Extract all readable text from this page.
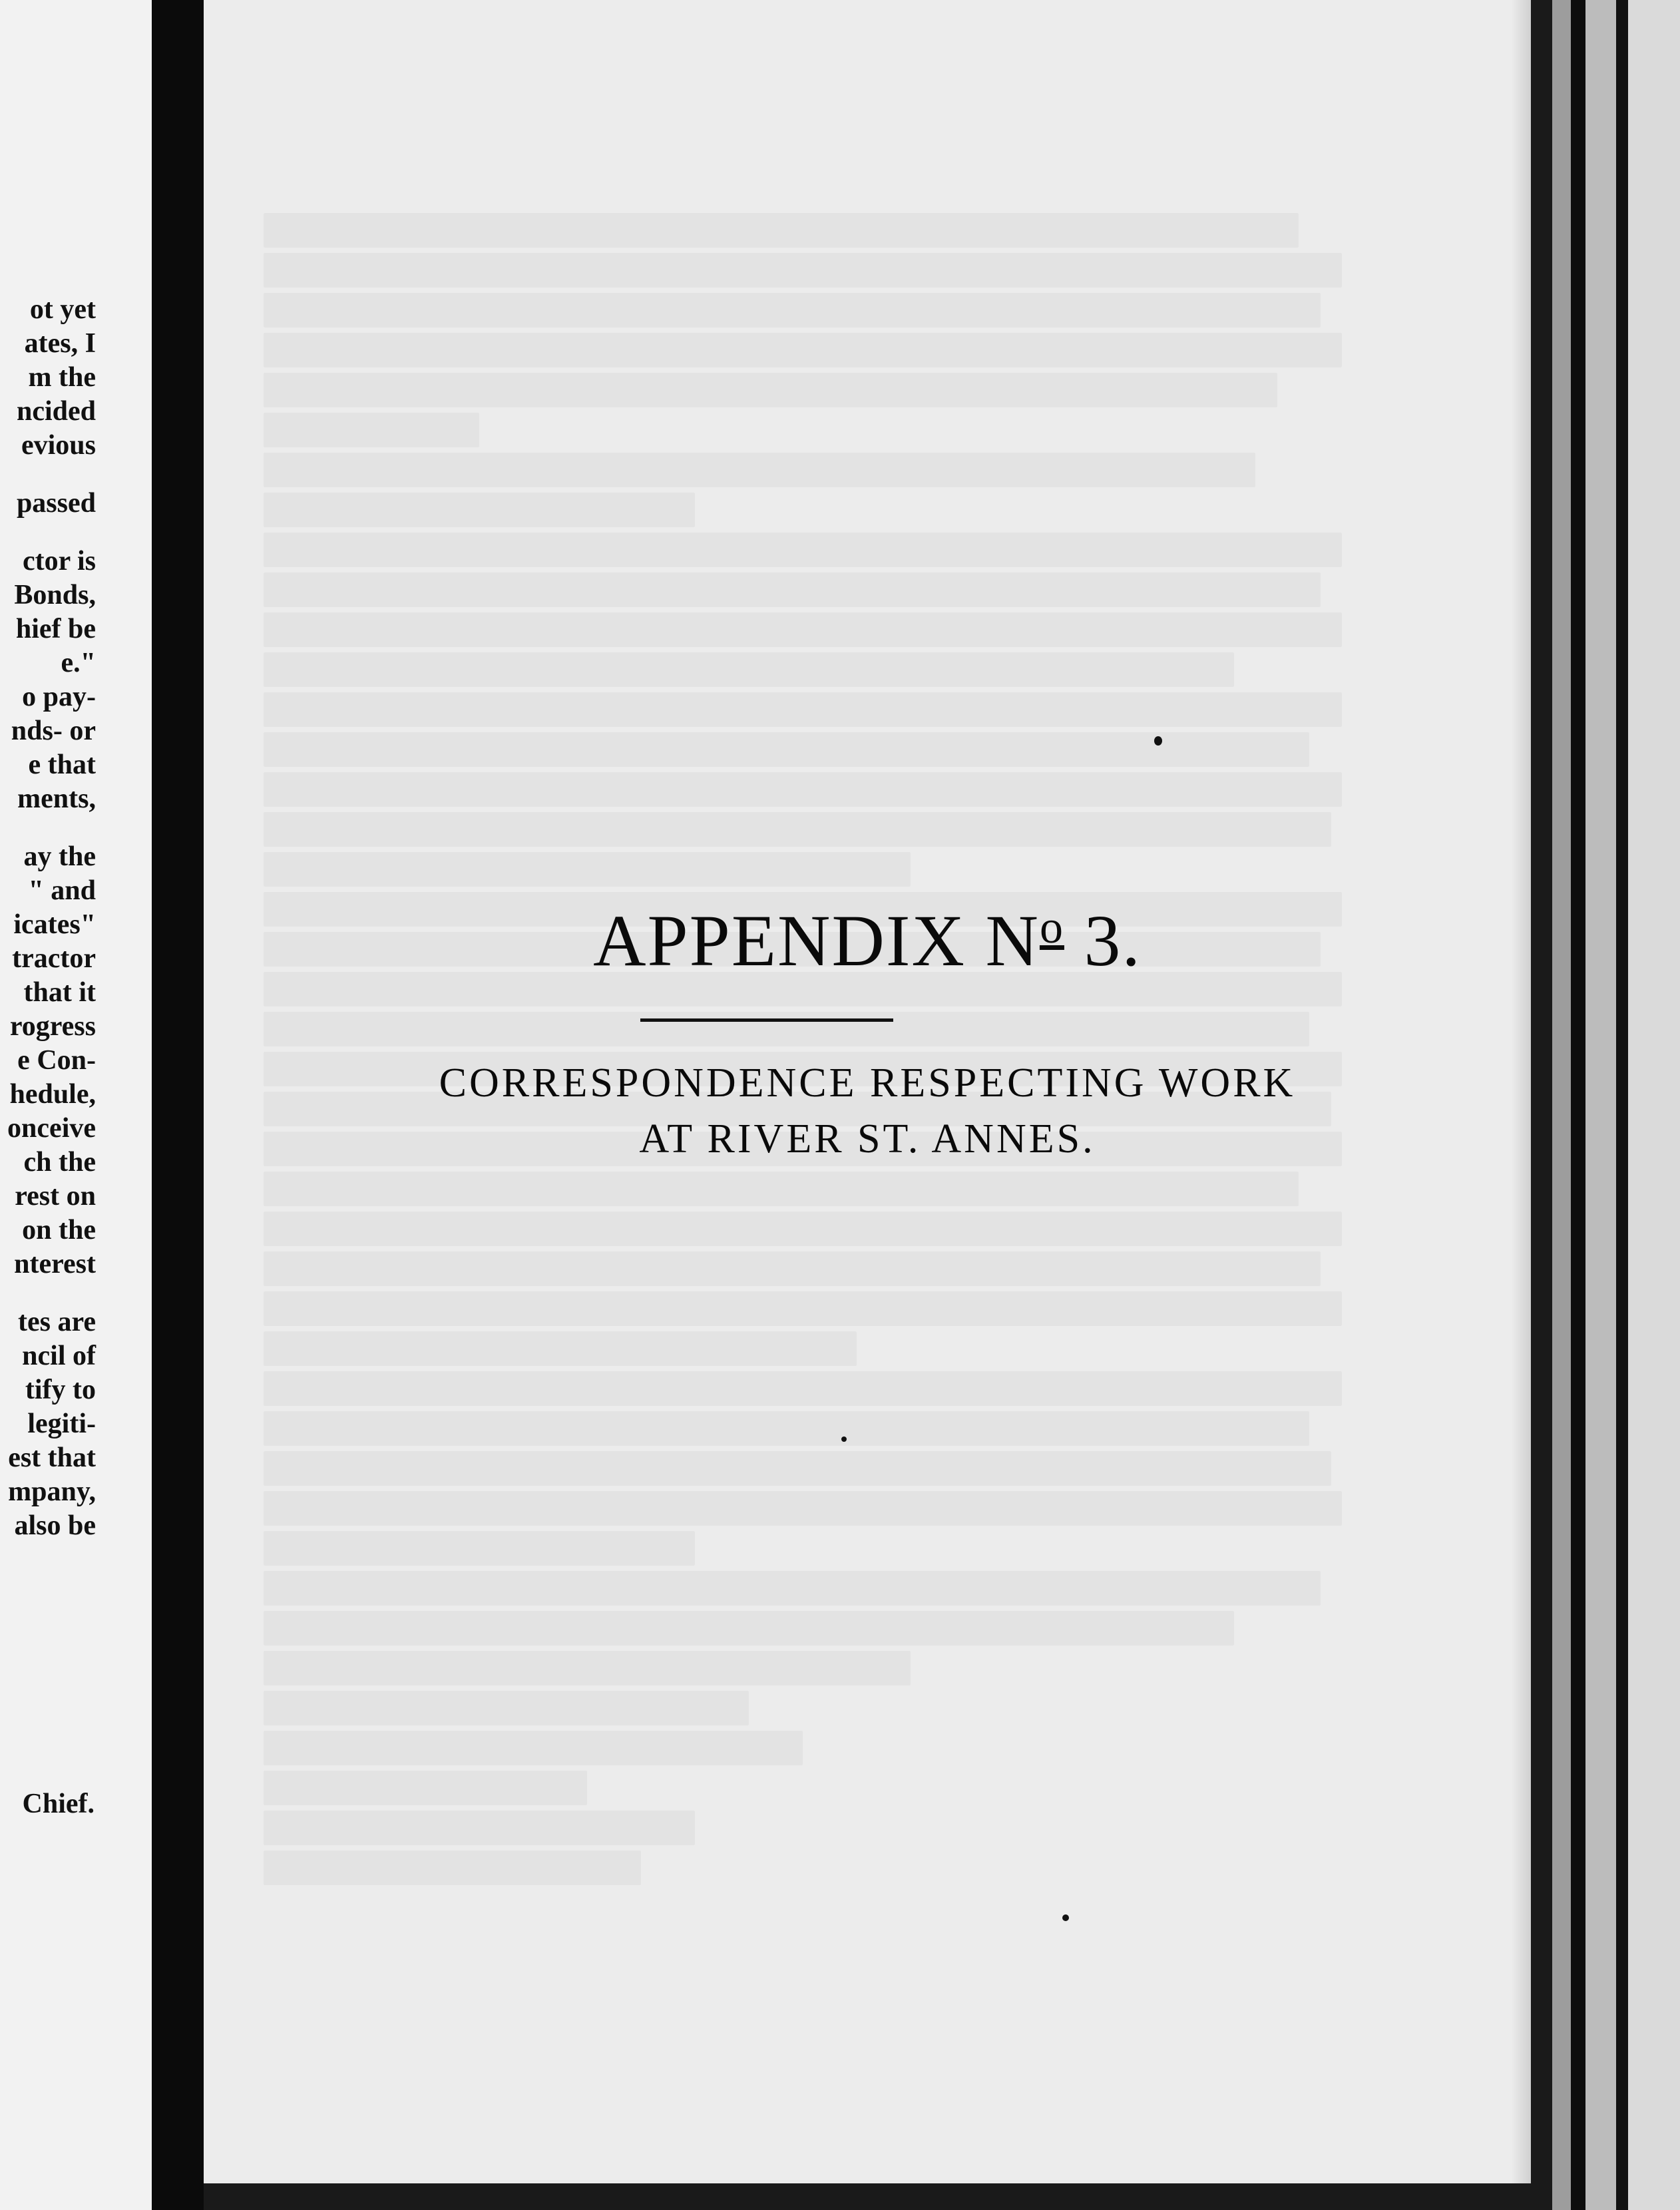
ot yet
ates, I
m the
ncided
evious
passed
ctor is
Bonds,
hief be
e."
o pay-
nds- or
e that
ments,
ay the
" and
icates"
tractor
that it
rogress
e Con-
hedule,
onceive
ch the
rest on
on the
nterest
tes are
ncil of
tify to
legiti-
est that
mpany,
also be
Chief.
APPENDIX $N^o$ 3.
CORRESPONDENCE RESPECTING WORK
AT RIVER ST. ANNES.
